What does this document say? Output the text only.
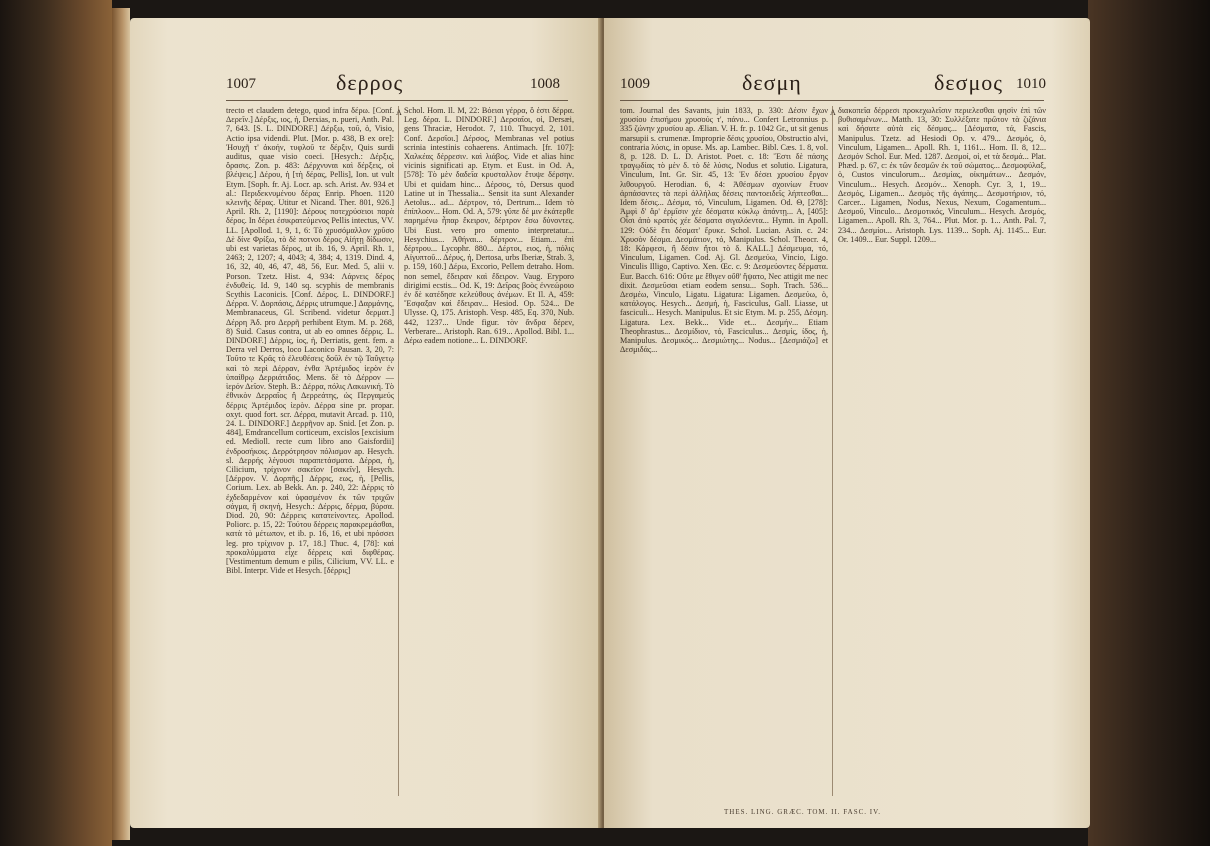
1007	δερρος	1008
trecto et claudem detego, quod infra δέρω. [Conf. Δερεῖν.] Δέρξις, ιος, ἡ, Derxias, n. pueri, Anth. Pal. 7, 643. [S. L. DINDORF.] Δέρξω, τοῦ, ὁ, Visio, Actio ipsa videndi. Plut. [Mor. p. 438, B ex ore]: Ἡσυχῆ τ' ἀκοήν, τυφλοῦ τε δέρξιν, Quis surdi auditus, quae visio coeci. [Hesych.: Δέρξις, ὅρασις. Zon. p. 483: Δέρχνυναι καὶ δέρξεις, οἱ βλέψεις.] Δέρου, ἡ [τὴ δέρας, Pellis], Ion. ut vult Etym. [Soph. fr. Aj. Locr. ap. sch. Arist. Av. 934 et al.: Περιδεκνυμένου δέρας Enrip. Phoen. 1120 κλεινῆς δέρας. Utitur et Nicand. Ther. 801, 926.] April. Rh. 2, [1190]: Δέρους ποτεχρύσειοι παρὰ δέρος. In δέρει ἐσικρατεύμενος Pellis intectus, VV. LL. [Apollod. 1, 9, 1, 6: Τὸ χρυσόμαλλον χρῦσο Δὲ δίνε Φρίξω, τὸ δὲ ποτνοι δέρος Αἰήτῃ δίδωσιν, ubi est varietas δέρος, ut ib. 16, 9. April. Rh. 1, 2463; 2, 1207; 4, 4043; 4, 384; 4, 1319. Dind. 4, 16, 32, 40, 46, 47, 48, 56, Eur. Med. 5, alii v. Porson. Tzetz. Hist. 4, 934: Λάρνεις δέρος ἐνδυθείς. Id. 9, 140 sq. scyphis de membranis Scythis Laconicis. [Conf. Δέρος. L. DINDORF.] Δέρρα. V. Δορπάσις, Δέρρις utrumque.] Δαρμάνης, Membranaceus, Gl. Scribend. videtur δερματ.] Δέρρη Ἀδ. pro Δερρῆ perhibent Etym. M. p. 268, 8) Suid. Casus contra, ut ab eo omnes δέρρις. L. DINDORF.] Δέρρις, ἰος, ἡ, Derriatis, gent. fem. a Derra vel Derros, loco Laconico Pausan. 3, 20, 7: Τοῦτο τε Κρᾶς τὸ ἐλευθέσεις δοῦλ ἐν τῷ Ταΰγετῳ καὶ τὸ περὶ Δέρραν, ἐνθα Ἀρτέμιδος ἱερὸν ἐν ὑπαίθρῳ Δερριάτιδος. Mens. δὲ τὸ Δέρρον — ἱερόν Δεῖον. Steph. B.: Δέρρα, πόλις Λακωνική. Τὸ ἐθνικὸν Δερραῖος ἢ Δερρεάτης, ὡς Περγαμεύς δέρρις Ἀρτέμιδος ἱερὸν. Δέρρα sine pr. propar. oxyt. quod fort. scr. Δέρρα, mutavit Arcad. p. 110, 24. L. DINDORF.] Δερρῆνον ap. Snid. [et Zon. p. 484], Emdrancellum corticeum, excislos [excisium ed. Medioll. recte cum libro ano Gaisfordii] ἐνδροσήκοις. Δερρότρησον πόλισμον ap. Hesych. sl. Δερρής λέγουσι παραπετάσματα. Δέρρα, ἡ, Cilicium, τρίχινον σακεῖον [σακεῖν], Hesych. [Δέρρον. V. Δορπῆς.] Δέρρις, εως, ἡ, [Pellis, Corium. Lex. ab Bekk. An. p. 240, 22: Δέρρις τὸ ἐχδεδαρμένον καὶ ὑφασμένον ἐκ τῶν τριχῶν σάγμα, ἢ σκηνή, Hesych.: Δέρρις, δέρμα, βύρσα. Diod. 20, 90: Δέρρεις κατατείνοντες. Apollod. Poliorc. p. 15, 22: Τούτου δέρρεις παρακρεμάσθαι, κατὰ τὸ μέτωπον, et ib. p. 16, 16, et ubi πρόσσει leg. pro τρίχινον p. 17, 18.] Thuc. 4, [78]: καὶ προκαλύμματα εἶχε δέρρεις καὶ διφθέρας. [Vestimentum demum e pilis, Cilicium, VV. LL. e Bibl. Interpr. Vide et Hesych. [δέρρις]
A Schol. Hom. Il. M, 22: Βόειαι γέρρα, ὃ ἐστι δέρρα. Leg. δέρα. L. DINDORF.] Δερσαῖοι, οἱ, Dersæi, gens Thraciæ, Herodot. 7, 110. Thucyd. 2, 101. Conf. Δερσῖοι.] Δέρσος, Membranas vel potius scrinia intestinis cohaerens. Antimach. [fr. 107]: Χαλκέας δέρρεσιν. καὶ λιάβος. Vide et alias hinc vicinis significati ap. Etym. et Eust. in Od. A, [578]: Τὸ μὲν δαδεῖα κρυσταλλον ἔτυψε δέρσην. Ubi et quidam hinc... Δέρσος, τό, Dersus quod Latine ut in Thessalia... Sensit ita sunt Alexander Aetolus... ad... Δέρτρον, τό, Dertrum... Idem τὸ ἐπίπλοον... Hom. Od. A, 579: γῦπε δέ μιν ἑκάτερθε παρημένω ἧπαρ ἔκειρον, δέρτρον ἔσω δύνοντες. Ubi Eust. vero pro omento interpretatur... Hesychius... Ἀθήναι... δέρτρον... Etiam... ἐπὶ δέρτρου... Lycophr. 880... Δέρτοι, ειος, ἡ, πόλις Αἰγυπτοῦ... Δέρυς, ἡ, Dertosa, urbs Iberiæ, Strab. 3, p. 159, 160.] Δέρω, Excorio, Pellem detraho. Hom. non semel, ἔδειραν καὶ ἔδειρον. Vaug. Eryporo dirigimi ecstis... Od. K, 19: Δεῖρας βοὸς ἐννεώροιο ἐν δὲ κατέδησε κελεύθους ἀνέμων. Et Il. A, 459: Ἔσφαξαν καὶ ἔδειραν... Hesiod. Op. 524... De Ulysse. Q, 175. Aristoph. Vesp. 485, Eq. 370, Nub. 442, 1237... Unde figur. τὸν ἄνδρα δέρεν, Verberare... Aristoph. Ran. 619... Apollod. Bibl. 1... Δέρω eadem notione... L. DINDORF.
1009	δεσμη	δεσμος 1010
tom. Journal des Savants, juin 1833, p. 330: Δέσιν ἔχων χρυσίου ἐπισήμου χρυσούς τ', πάνυ... Confert Letronnius p. 335 ζώνην χρυσίου ap. Ælian. V. H. fr. p. 1042 Gr., ut sit genus marsupii s. crumenæ. Improprie δέσις χρυσίου, Obstructio alvi, contraria λύσις, in opuse. Ms. ap. Lambec. Bibl. Cæs. 1. 8, vol. 8, p. 128. D. L. D. Aristot. Poet. c. 18: Ἔστι δὲ πάσης τραγῳδίας τὸ μὲν δ. τὸ δὲ λύσις, Nodus et solutio. Ligatura, Vinculum, Int. Gr. Sir. 45, 13: Ἐν δέσει χρυσίου ἔργον λιθουργοῦ. Herodian. 6, 4: Ἀθέσμων σχοινίων ἔτυον ἀρπάσαντες τὰ περὶ ἀλλήλας δέσεις παντοειδεῖς λήπτεσθαι... Idem δέσις... Δέσμα, τό, Vinculum, Ligamen. Od. Θ, [278]: Ἀμφὶ δ' ἄρ' ἑρμῖσιν χέε δέσματα κύκλῳ ἁπάντῃ... Α, [405]: Οἷσι ἀπὸ κρατὸς χέε δέσματα σιγαλόεντα... Hymn. in Apoll. 129: Οὐδὲ ἔτι δέσματ' ἔρυκε. Schol. Lucian. Asin. c. 24: Χρυσὸν δέσμα. Δεσμάτιον, τό, Manipulus. Schol. Theocr. 4, 18: Κάρφεσι, ἢ δέσιν ἤτοι τὸ δ. KALL.] Δέσμευμα, τό, Vinculum, Ligamen. Cod. Aj. Gl. Δεσμεύω, Vincio, Ligo. Vinculis Illigo, Captivo. Xen. Œc. c. 9: Δεσμεύοντες δέρματα. Eur. Bacch. 616: Οὔτε με ἔθιγεν οὔθ' ἥψατο, Nec attigit me nec dixit. Δεσμεῦσαι etiam eodem sensu... Soph. Trach. 536... Δεσμέω, Vinculo, Ligatu. Ligatura: Ligamen. Δεσμεύω, ὁ, κατάλογος. Hesych... Δεσμή, ἡ, Fasciculus, Gall. Liasse, ut fasciculi... Hesych. Manipulus. Et sic Etym. M. p. 255, Δέσμη. Ligatura. Lex. Bekk... Vide et... Δεσμήν... Etiam Theophrastus... Δεσμίδιον, τό, Fasciculus... Δεσμίς, ίδος, ἡ, Manipulus. Δεσμικός... Δεσμιώτης... Nodus... [Δεσμιάζω] et Δεσμιδάς...
A διακοπεῖα δέρρεσι προκεχωλεῖσιν περιελεσθαι φησὶν ἐπὶ τῶν βυθισαμένων... Matth. 13, 30: Συλλέξατε πρῶτον τὰ ζιζάνια καὶ δήσατε αὐτὰ εἰς δέσμας... [Δέσματα, τά, Fascis, Manipulus. Tzetz. ad Hesiodi Op. v. 479... Δεσμός, ὁ, Vinculum, Ligamen... Apoll. Rh. 1, 1161... Hom. Il. 8, 12... Δεσμόν Schol. Eur. Med. 1287. Δεσμοί, οἱ, et τὰ δεσμά... Plat. Phæd. p. 67, c: ἐκ τῶν δεσμῶν ἐκ τοῦ σώματος... Δεσμοφύλαξ, ὁ, Custos vinculorum... Δεσμίας, οἰκημάτων... Δεσμόν, Vinculum... Hesych. Δεσμόν... Xenoph. Cyr. 3, 1, 19... Δεσμός, Ligamen... Δεσμὸς τῆς ἀγάπης... Δεσμοτήριον, τό, Carcer... Ligamen, Nodus, Nexus, Nexum, Cogamentum... Δεσμοῦ, Vinculo... Δεσμοτικός, Vinculum... Hesych. Δεσμός, Ligamen... Apoll. Rh. 3, 764... Plut. Mor. p. 1... Anth. Pal. 7, 234... Δεσμίοι... Aristoph. Lys. 1139... Soph. Aj. 1145... Eur. Or. 1409... Eur. Suppl. 1209...
THES. LING. GRÆC. TOM. II. FASC. IV.
